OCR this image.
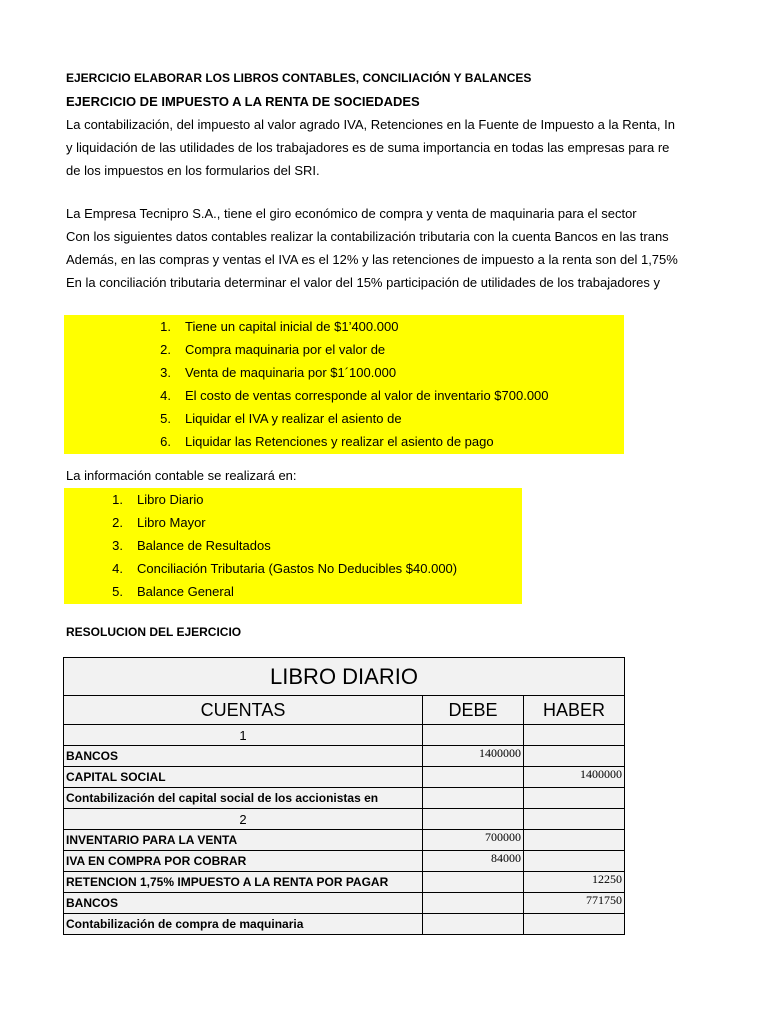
EJERCICIO ELABORAR LOS LIBROS CONTABLES, CONCILIACIÓN Y BALANCES
EJERCICIO DE IMPUESTO A LA RENTA DE SOCIEDADES
La contabilización, del impuesto al valor agrado IVA, Retenciones en la Fuente de Impuesto a la Renta, In
y liquidación de las utilidades de los trabajadores es de suma importancia en todas las empresas para re
de los impuestos en los formularios del SRI.
La Empresa Tecnipro S.A., tiene el giro económico de compra y venta de maquinaria para el sector
Con los siguientes datos contables realizar la contabilización tributaria con la cuenta Bancos en las trans
Además, en las compras y ventas el IVA es el 12% y las retenciones de impuesto a la renta son del 1,75%
En la conciliación tributaria determinar el valor del 15% participación de utilidades de los trabajadores y
1. Tiene un capital inicial de $1’400.000
2. Compra maquinaria por el valor de
3. Venta de maquinaria por $1´100.000
4. El costo de ventas corresponde al valor de inventario $700.000
5. Liquidar el IVA y realizar el asiento de
6. Liquidar las Retenciones y realizar el asiento de pago
La información contable se realizará en:
1. Libro Diario
2. Libro Mayor
3. Balance de Resultados
4. Conciliación Tributaria (Gastos No Deducibles $40.000)
5. Balance General
RESOLUCION DEL EJERCICIO
LIBRO DIARIO		
CUENTAS	DEBE	HABER
1		
BANCOS	1400000	
CAPITAL SOCIAL		1400000
Contabilización del capital social de los accionistas en		
2		
INVENTARIO PARA LA VENTA	700000	
IVA EN COMPRA POR COBRAR	84000	
RETENCION 1,75% IMPUESTO A LA RENTA POR PAGAR		12250
BANCOS		771750
Contabilización de compra de maquinaria		
